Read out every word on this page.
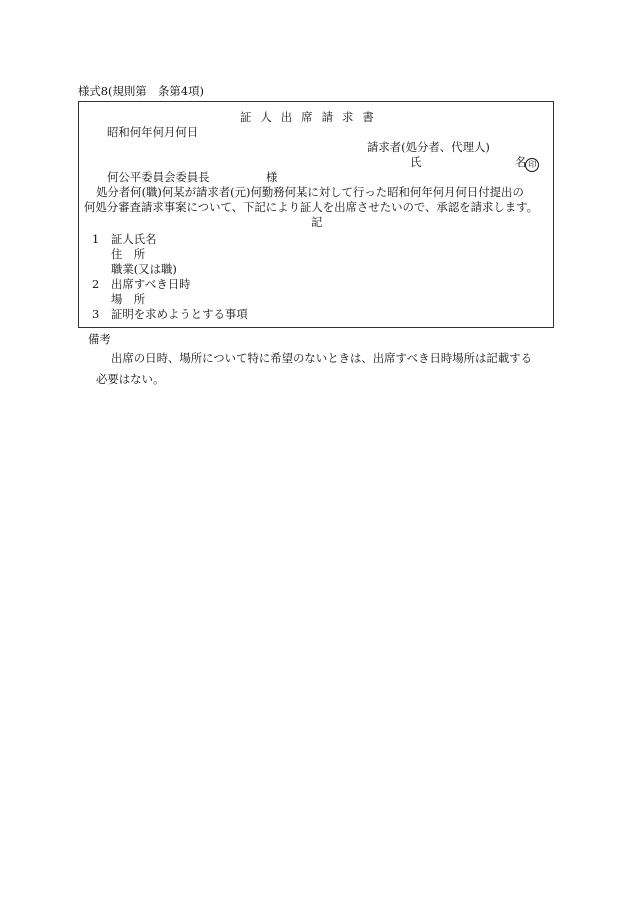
様式8(規則第　条第4項)
証人出席請求書
昭和何年何月何日
請求者(処分者、代理人)
氏	名 印
何公平委員会委員長	様
処分者何(職)何某が請求者(元)何勤務何某に対して行った昭和何年何月何日付提出の
何処分審査請求事案について、下記により証人を出席させたいので、承認を請求します。
記
1 証人氏名
住　所
職業(又は職)
2 出席すべき日時
場　所
3 証明を求めようとする事項
備考
出席の日時、場所について特に希望のないときは、出席すべき日時場所は記載する
必要はない。
